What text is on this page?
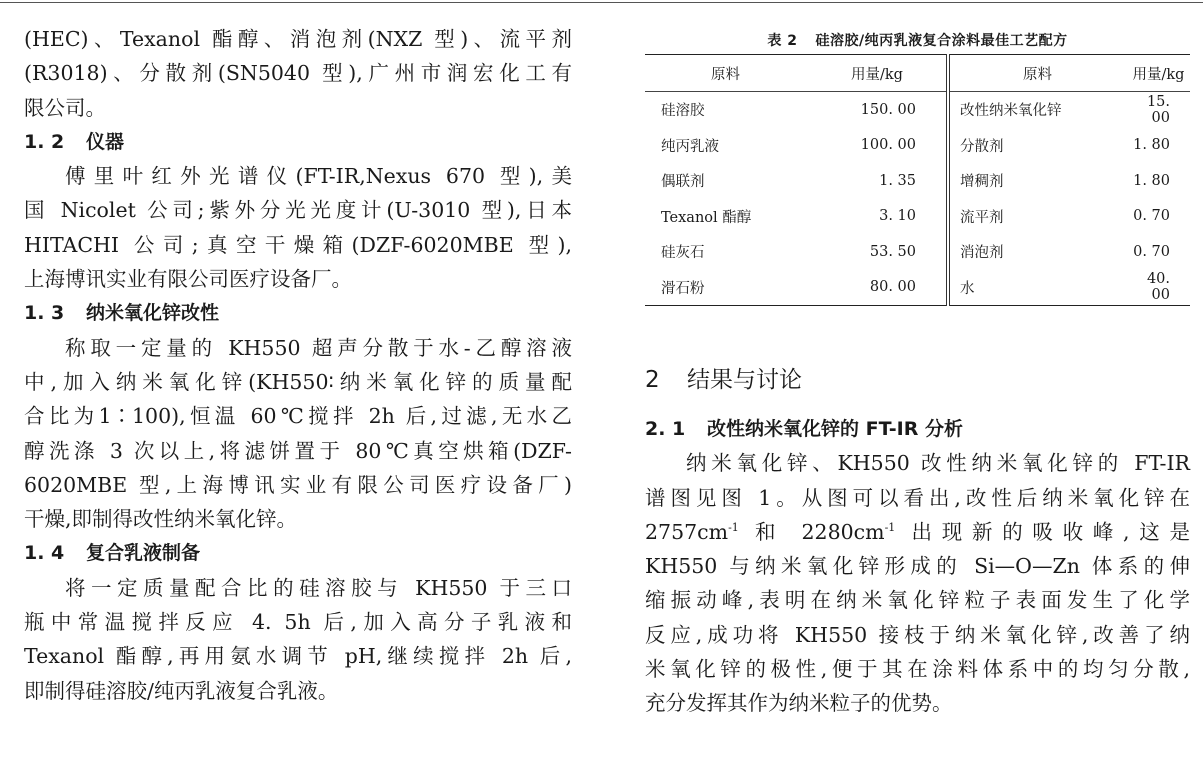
(HEC)、Texanol 酯醇、消泡剂(NXZ 型)、流平剂
(R3018)、分散剂(SN5040 型),广州市润宏化工有
限公司。
1. 2 仪器
傅里叶红外光谱仪(FT-IR,Nexus 670 型),美
国 Nicolet 公司;紫外分光光度计(U-3010 型),日本
HITACHI 公司;真空干燥箱(DZF-6020MBE 型),
上海博讯实业有限公司医疗设备厂。
1. 3 纳米氧化锌改性
称取一定量的 KH550 超声分散于水-乙醇溶液
中,加入纳米氧化锌(KH550∶纳米氧化锌的质量配
合比为1∶100),恒温 60℃搅拌 2h 后,过滤,无水乙
醇洗涤 3 次以上,将滤饼置于 80℃真空烘箱(DZF-
6020MBE 型,上海博讯实业有限公司医疗设备厂)
干燥,即制得改性纳米氧化锌。
1. 4 复合乳液制备
将一定质量配合比的硅溶胶与 KH550 于三口
瓶中常温搅拌反应 4. 5h 后,加入高分子乳液和
Texanol 酯醇,再用氨水调节 pH,继续搅拌 2h 后,
即制得硅溶胶/纯丙乳液复合乳液。
表 2 硅溶胶/纯丙乳液复合涂料最佳工艺配方
原料	用量/kg	原料	用量/kg
硅溶胶	150. 00	改性纳米氧化锌	15. 00
纯丙乳液	100. 00	分散剂	1. 80
偶联剂	1. 35	增稠剂	1. 80
Texanol 酯醇	3. 10	流平剂	0. 70
硅灰石	53. 50	消泡剂	0. 70
滑石粉	80. 00	水	40. 00
2 结果与讨论
2. 1 改性纳米氧化锌的 FT-IR 分析
纳米氧化锌、KH550 改性纳米氧化锌的 FT-IR
谱图见图 1。从图可以看出,改性后纳米氧化锌在
$2757cm^{-1}$ 和 $2280cm^{-1}$ 出现新的吸收峰,这是
KH550 与纳米氧化锌形成的 Si—O—Zn 体系的伸
缩振动峰,表明在纳米氧化锌粒子表面发生了化学
反应,成功将 KH550 接枝于纳米氧化锌,改善了纳
米氧化锌的极性,便于其在涂料体系中的均匀分散,
充分发挥其作为纳米粒子的优势。
